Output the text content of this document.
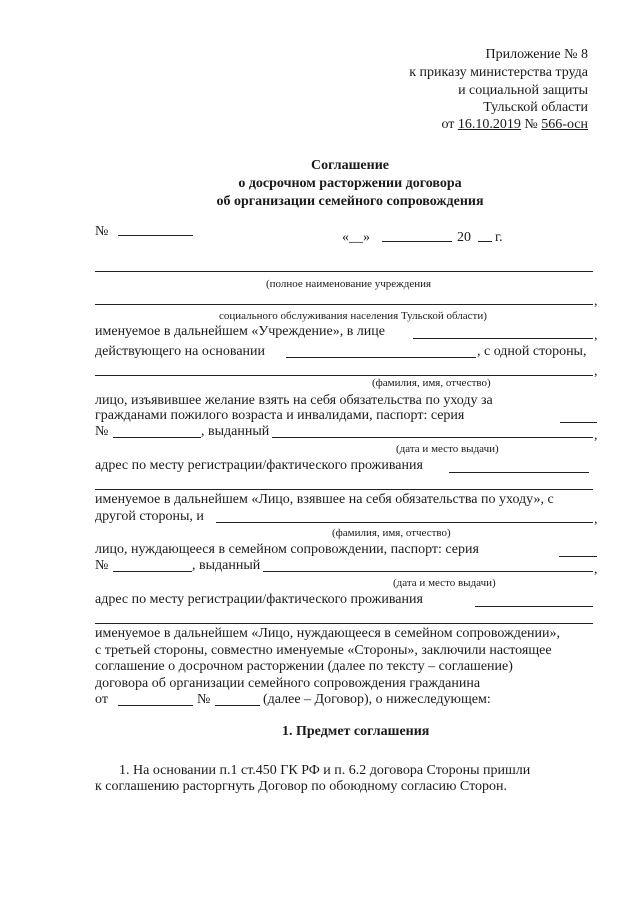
Приложение № 8
к приказу министерства труда
и социальной защиты
Тульской области
от 16.10.2019 № 566-осн
Соглашение
о досрочном расторжении договора
об организации семейного сопровождения
№	«__»	20 г.
(полное наименование учреждения
,
социального обслуживания населения Тульской области)
именуемое в дальнейшем «Учреждение», в лице	,
действующего на основании	, с одной стороны,
,
(фамилия, имя, отчество)
лицо, изъявившее желание взять на себя обязательства по уходу за
гражданами пожилого возраста и инвалидами, паспорт: серия
№	, выданный	,
(дата и место выдачи)
адрес по месту регистрации/фактического проживания
именуемое в дальнейшем «Лицо, взявшее на себя обязательства по уходу», с
другой стороны, и	,
(фамилия, имя, отчество)
лицо, нуждающееся в семейном сопровождении, паспорт: серия
№	, выданный	,
(дата и место выдачи)
адрес по месту регистрации/фактического проживания
именуемое в дальнейшем «Лицо, нуждающееся в семейном сопровождении»,
с третьей стороны, совместно именуемые «Стороны», заключили настоящее
соглашение о досрочном расторжении (далее по тексту – соглашение)
договора об организации семейного сопровождения гражданина
от	№	(далее – Договор), о нижеследующем:
1. Предмет соглашения
1. На основании п.1 ст.450 ГК РФ и п. 6.2 договора Стороны пришли
к соглашению расторгнуть Договор по обоюдному согласию Сторон.
